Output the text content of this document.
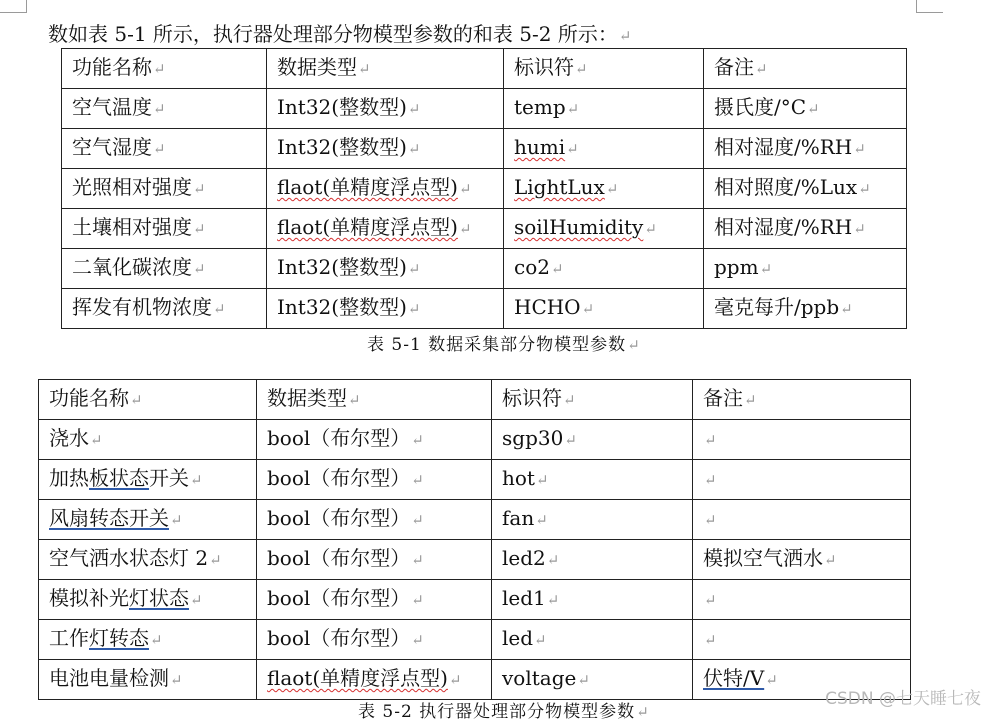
数如表 5-1 所示，执行器处理部分物模型参数的和表 5-2 所示：↵
功能名称↵	数据类型↵	标识符↵	备注↵
空气温度↵	Int32(整数型)↵	temp↵	摄氏度/°C↵
空气湿度↵	Int32(整数型)↵	humi↵	相对湿度/%RH↵
光照相对强度↵	flaot(单精度浮点型)↵	LightLux↵	相对照度/%Lux↵
土壤相对强度↵	flaot(单精度浮点型)↵	soilHumidity↵	相对湿度/%RH↵
二氧化碳浓度↵	Int32(整数型)↵	co2↵	ppm↵
挥发有机物浓度↵	Int32(整数型)↵	HCHO↵	毫克每升/ppb↵
表 5-1 数据采集部分物模型参数↵
功能名称↵	数据类型↵	标识符↵	备注↵
浇水↵	bool（布尔型）↵	sgp30↵	↵
加热板状态开关↵	bool（布尔型）↵	hot↵	↵
风扇转态开关↵	bool（布尔型）↵	fan↵	↵
空气洒水状态灯 2↵	bool（布尔型）↵	led2↵	模拟空气洒水↵
模拟补光灯状态↵	bool（布尔型）↵	led1↵	↵
工作灯转态↵	bool（布尔型）↵	led↵	↵
电池电量检测↵	flaot(单精度浮点型)↵	voltage↵	伏特/V↵
表 5-2 执行器处理部分物模型参数↵
CSDN @七天睡七夜
